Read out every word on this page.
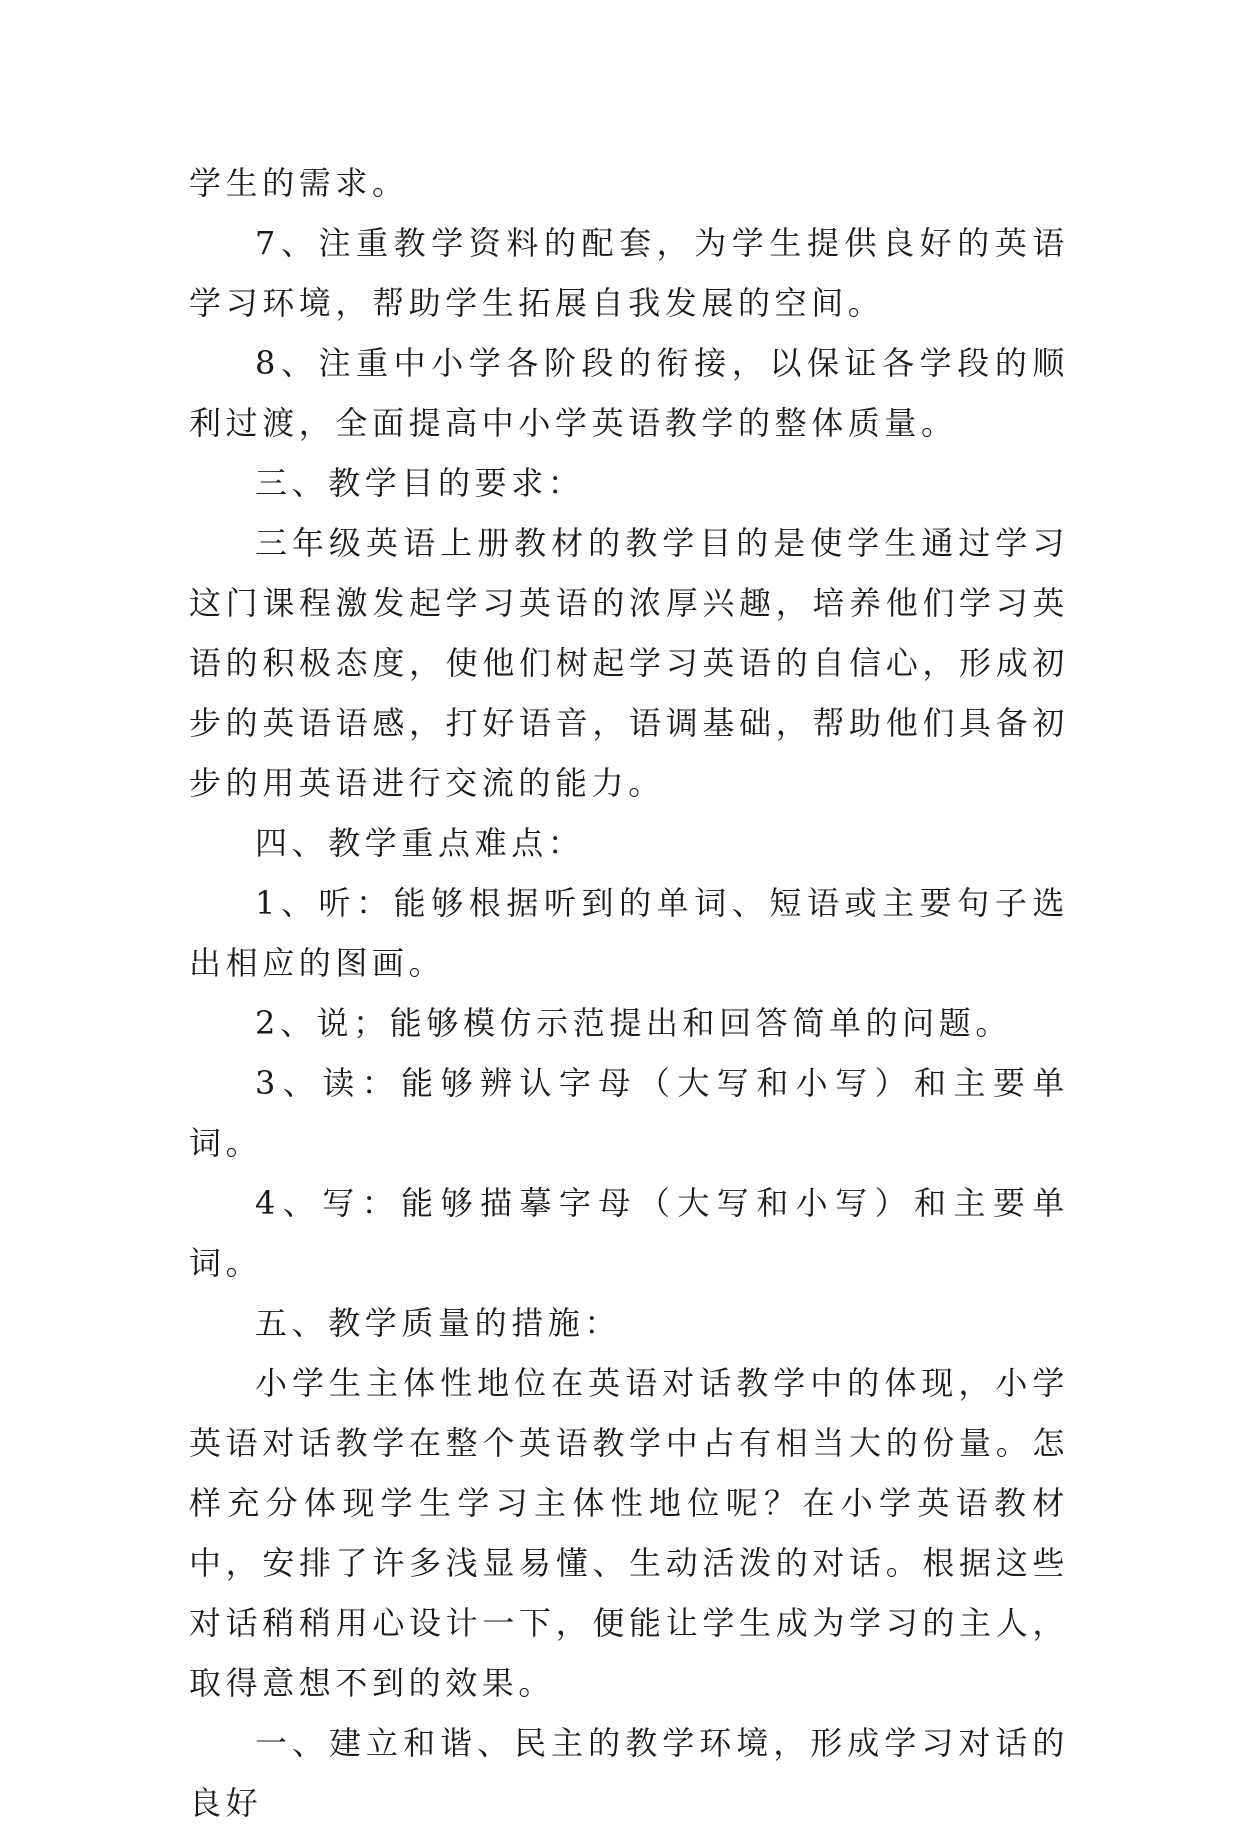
学生的需求。

7、注重教学资料的配套，为学生提供良好的英语学习环境，帮助学生拓展自我发展的空间。

8、注重中小学各阶段的衔接，以保证各学段的顺利过渡，全面提高中小学英语教学的整体质量。

三、教学目的要求：

三年级英语上册教材的教学目的是使学生通过学习这门课程激发起学习英语的浓厚兴趣，培养他们学习英语的积极态度，使他们树起学习英语的自信心，形成初步的英语语感，打好语音，语调基础，帮助他们具备初步的用英语进行交流的能力。

四、教学重点难点：

1、听：能够根据听到的单词、短语或主要句子选出相应的图画。

2、说；能够模仿示范提出和回答简单的问题。

3、读：能够辨认字母（大写和小写）和主要单词。

4、写：能够描摹字母（大写和小写）和主要单词。

五、教学质量的措施：

小学生主体性地位在英语对话教学中的体现，小学英语对话教学在整个英语教学中占有相当大的份量。怎样充分体现学生学习主体性地位呢？在小学英语教材中，安排了许多浅显易懂、生动活泼的对话。根据这些对话稍稍用心设计一下，便能让学生成为学习的主人，取得意想不到的效果。

一、建立和谐、民主的教学环境，形成学习对话的良好
